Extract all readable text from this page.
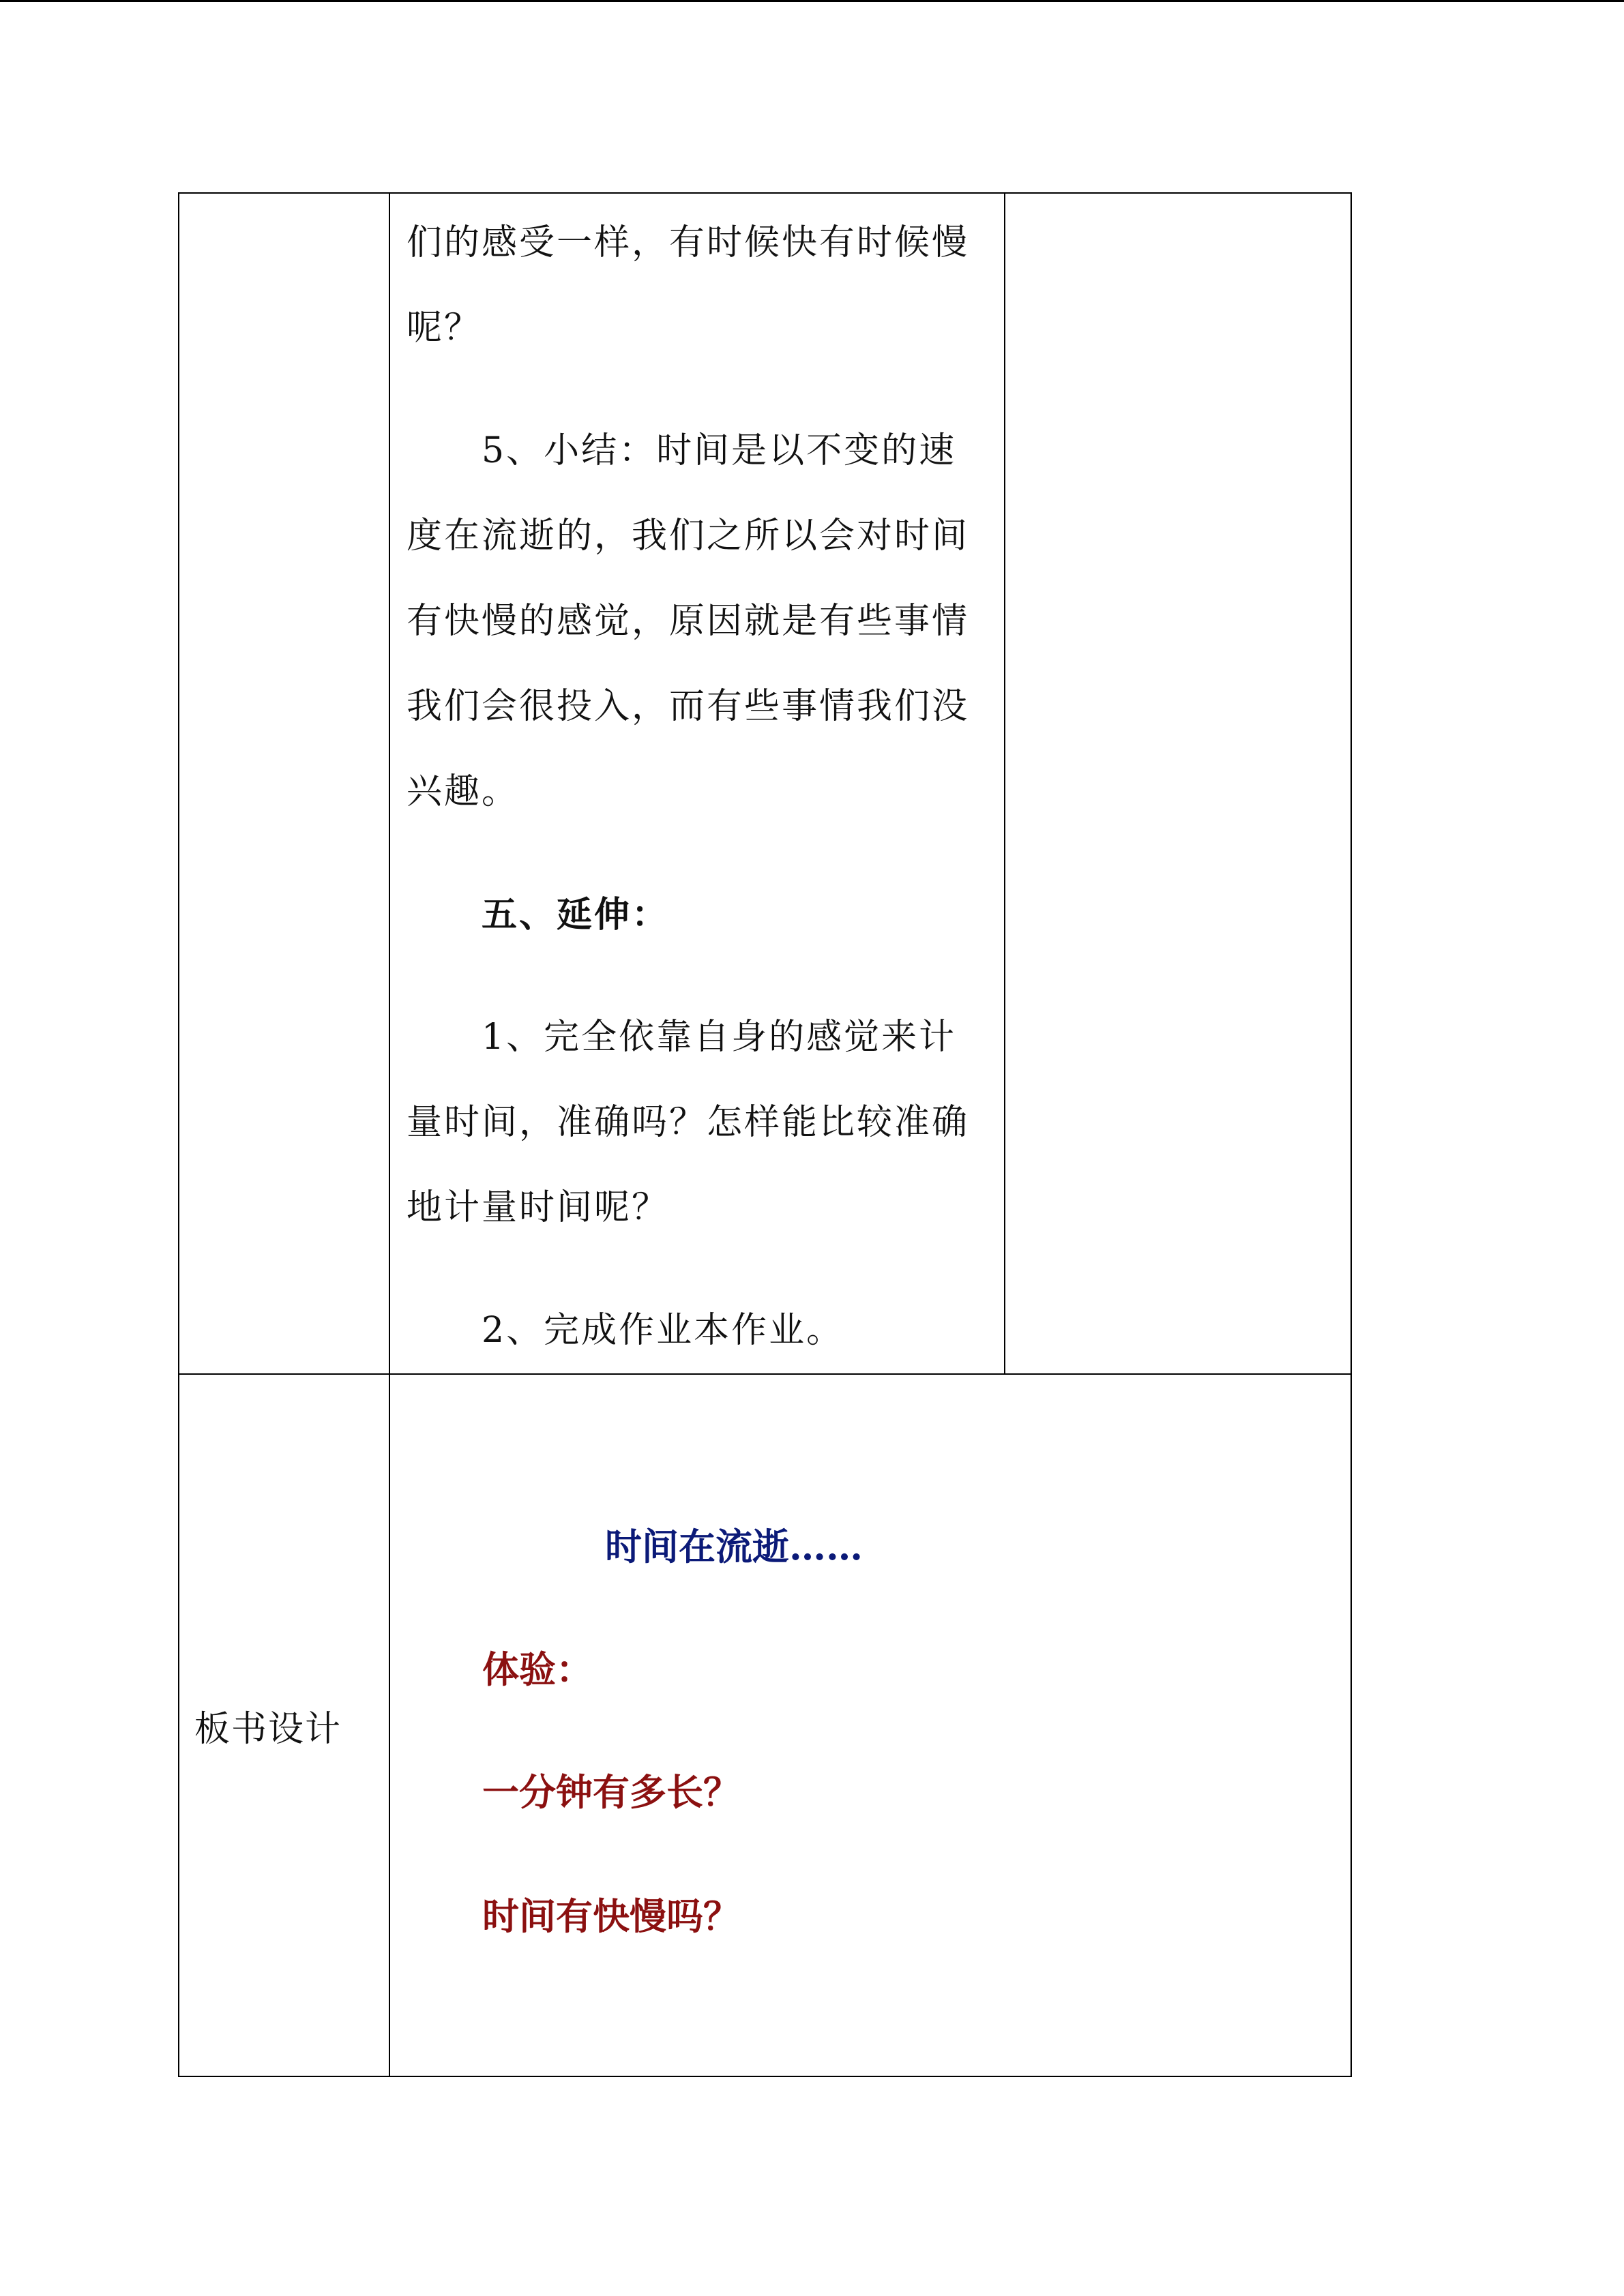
	们的感受一样，有时候快有时候慢呢？

5、小结：时间是以不变的速度在流逝的，我们之所以会对时间有快慢的感觉，原因就是有些事情我们会很投入，而有些事情我们没兴趣。

五、延伸：

1、完全依靠自身的感觉来计量时间，准确吗？怎样能比较准确地计量时间呢？

2、完成作业本作业。	

板书设计	时间在流逝……
体验：
一分钟有多长？
时间有快慢吗？	
